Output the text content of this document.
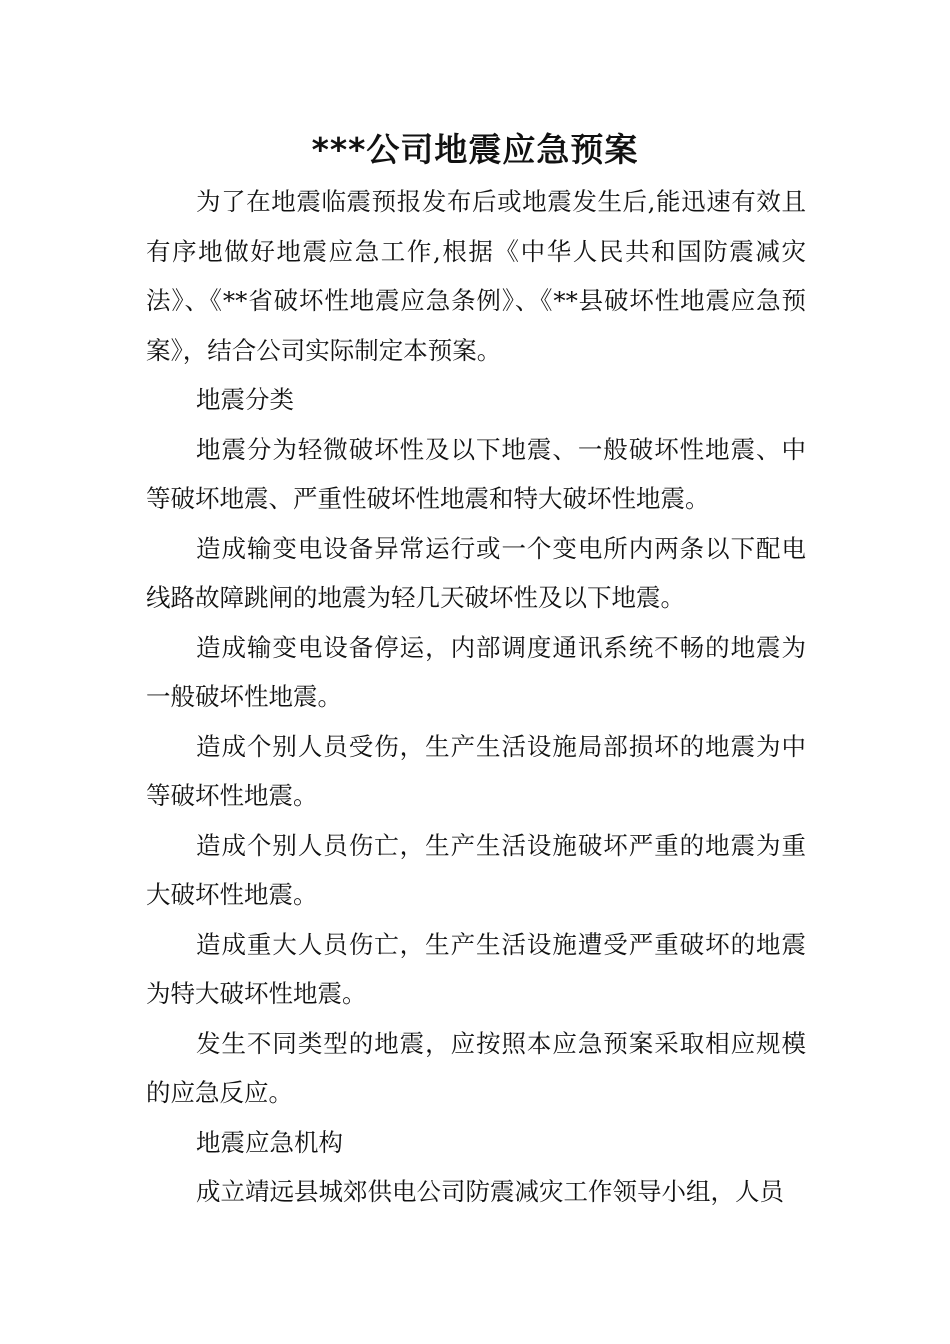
***公司地震应急预案

为了在地震临震预报发布后或地震发生后,能迅速有效且有序地做好地震应急工作,根据《中华人民共和国防震减灾法》、《**省破坏性地震应急条例》、《**县破坏性地震应急预案》，结合公司实际制定本预案。

地震分类

地震分为轻微破坏性及以下地震、一般破坏性地震、中等破坏地震、严重性破坏性地震和特大破坏性地震。

造成输变电设备异常运行或一个变电所内两条以下配电线路故障跳闸的地震为轻几天破坏性及以下地震。

造成输变电设备停运，内部调度通讯系统不畅的地震为一般破坏性地震。

造成个别人员受伤，生产生活设施局部损坏的地震为中等破坏性地震。

造成个别人员伤亡，生产生活设施破坏严重的地震为重大破坏性地震。

造成重大人员伤亡，生产生活设施遭受严重破坏的地震为特大破坏性地震。

发生不同类型的地震，应按照本应急预案采取相应规模的应急反应。

地震应急机构

成立靖远县城郊供电公司防震减灾工作领导小组，人员
